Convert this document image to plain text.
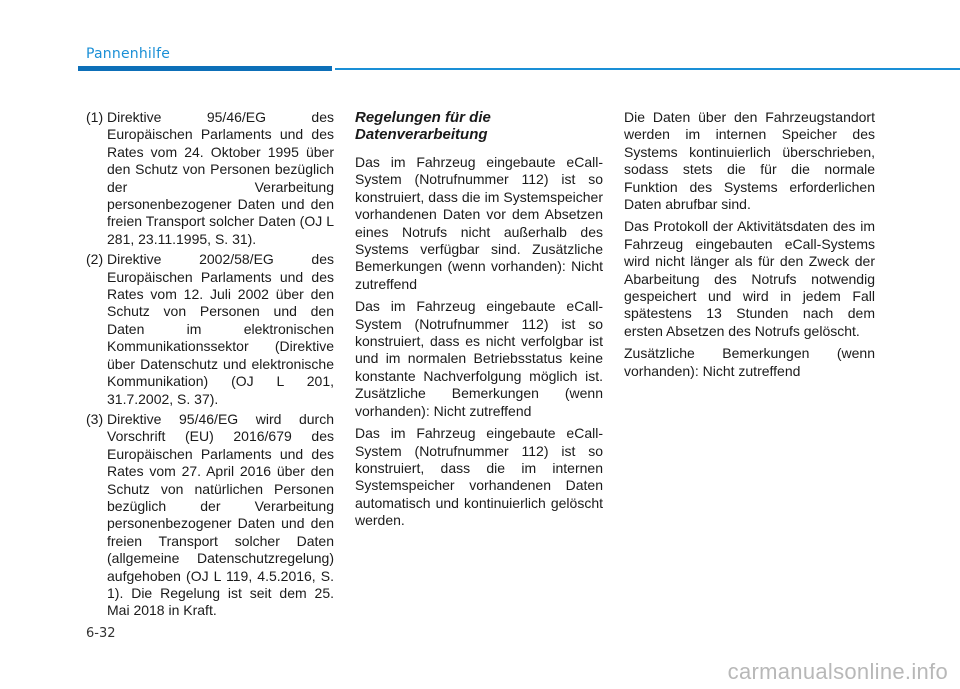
Pannenhilfe
(1) Direktive 95/46/EG des Europäischen Parlaments und des Rates vom 24. Oktober 1995 über den Schutz von Personen bezüglich der Verarbeitung personenbezogener Daten und den freien Transport solcher Daten (OJ L 281, 23.11.1995, S. 31).
(2) Direktive 2002/58/EG des Europäischen Parlaments und des Rates vom 12. Juli 2002 über den Schutz von Personen und den Daten im elektronischen Kommunikationssektor (Direktive über Datenschutz und elektronische Kommunikation) (OJ L 201, 31.7.2002, S. 37).
(3) Direktive 95/46/EG wird durch Vorschrift (EU) 2016/679 des Europäischen Parlaments und des Rates vom 27. April 2016 über den Schutz von natürlichen Personen bezüglich der Verarbeitung personenbezogener Daten und den freien Transport solcher Daten (allgemeine Datenschutzregelung) aufgehoben (OJ L 119, 4.5.2016, S. 1). Die Regelung ist seit dem 25. Mai 2018 in Kraft.
Regelungen für die Datenverarbeitung

Das im Fahrzeug eingebaute eCall-System (Notrufnummer 112) ist so konstruiert, dass die im Systemspeicher vorhandenen Daten vor dem Absetzen eines Notrufs nicht außerhalb des Systems verfügbar sind. Zusätzliche Bemerkungen (wenn vorhanden): Nicht zutreffend

Das im Fahrzeug eingebaute eCall-System (Notrufnummer 112) ist so konstruiert, dass es nicht verfolgbar ist und im normalen Betriebsstatus keine konstante Nachverfolgung möglich ist. Zusätzliche Bemerkungen (wenn vorhanden): Nicht zutreffend

Das im Fahrzeug eingebaute eCall-System (Notrufnummer 112) ist so konstruiert, dass die im internen Systemspeicher vorhandenen Daten automatisch und kontinuierlich gelöscht werden.

Die Daten über den Fahrzeugstandort werden im internen Speicher des Systems kontinuierlich überschrieben, sodass stets die für die normale Funktion des Systems erforderlichen Daten abrufbar sind.

Das Protokoll der Aktivitätsdaten des im Fahrzeug eingebauten eCall-Systems wird nicht länger als für den Zweck der Abarbeitung des Notrufs notwendig gespeichert und wird in jedem Fall spätestens 13 Stunden nach dem ersten Absetzen des Notrufs gelöscht.

Zusätzliche Bemerkungen (wenn vorhanden): Nicht zutreffend

6-32
carmanualsonline.info
